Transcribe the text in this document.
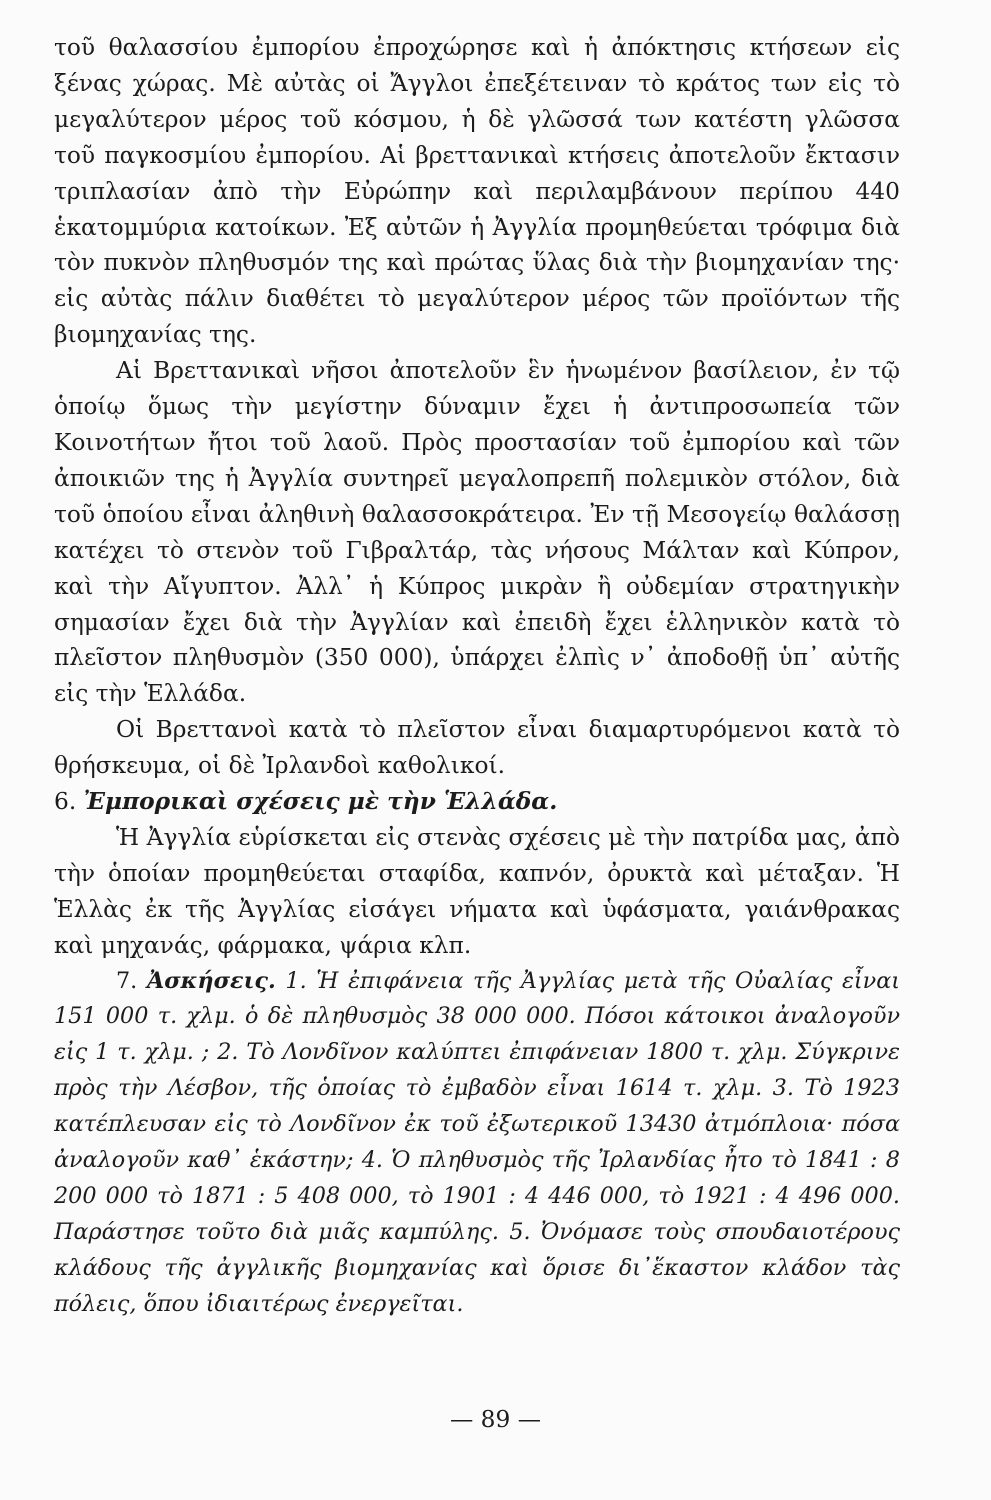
τοῦ θαλασσίου ἐμπορίου ἐπροχώρησε καὶ ἡ ἀπόκτησις κτήσεων εἰς ξένας χώρας. Μὲ αὐτὰς οἱ Ἄγγλοι ἐπεξέτειναν τὸ κράτος των εἰς τὸ μεγαλύτερον μέρος τοῦ κόσμου, ἡ δὲ γλῶσσά των κατέστη γλῶσσα τοῦ παγκοσμίου ἐμπορίου. Αἱ βρεττανικαὶ κτήσεις ἀποτελοῦν ἔκτασιν τριπλασίαν ἀπὸ τὴν Εὐρώπην καὶ περιλαμβάνουν περίπου 440 ἑκατομμύρια κατοίκων. Ἐξ αὐτῶν ἡ Ἀγγλία προμηθεύεται τρόφιμα διὰ τὸν πυκνὸν πληθυσμόν της καὶ πρώτας ὕλας διὰ τὴν βιομηχανίαν της· εἰς αὐτὰς πάλιν διαθέτει τὸ μεγαλύτερον μέρος τῶν προϊόντων τῆς βιομηχανίας της.

Αἱ Βρεττανικαὶ νῆσοι ἀποτελοῦν ἓν ἡνωμένον βασίλειον, ἐν τῷ ὁποίῳ ὅμως τὴν μεγίστην δύναμιν ἔχει ἡ ἀντιπροσωπεία τῶν Κοινοτήτων ἤτοι τοῦ λαοῦ. Πρὸς προστασίαν τοῦ ἐμπορίου καὶ τῶν ἀποικιῶν της ἡ Ἀγγλία συντηρεῖ μεγαλοπρεπῆ πολεμικὸν στόλον, διὰ τοῦ ὁποίου εἶναι ἀληθινὴ θαλασσοκράτειρα. Ἐν τῇ Μεσογείῳ θαλάσσῃ κατέχει τὸ στενὸν τοῦ Γιβραλτάρ, τὰς νήσους Μάλταν καὶ Κύπρον, καὶ τὴν Αἴγυπτον. Ἀλλ᾽ ἡ Κύπρος μικρὰν ἢ οὐδεμίαν στρατηγικὴν σημασίαν ἔχει διὰ τὴν Ἀγγλίαν καὶ ἐπειδὴ ἔχει ἑλληνικὸν κατὰ τὸ πλεῖστον πληθυσμὸν (350 000), ὑπάρχει ἐλπὶς ν᾽ ἀποδοθῇ ὑπ᾽ αὐτῆς εἰς τὴν Ἑλλάδα.

Οἱ Βρεττανοὶ κατὰ τὸ πλεῖστον εἶναι διαμαρτυρόμενοι κατὰ τὸ θρήσκευμα, οἱ δὲ Ἰρλανδοὶ καθολικοί.

6. Ἐμπορικαὶ σχέσεις μὲ τὴν Ἑλλάδα.

Ἡ Ἀγγλία εὑρίσκεται εἰς στενὰς σχέσεις μὲ τὴν πατρίδα μας, ἀπὸ τὴν ὁποίαν προμηθεύεται σταφίδα, καπνόν, ὀρυκτὰ καὶ μέταξαν. Ἡ Ἑλλὰς ἐκ τῆς Ἀγγλίας εἰσάγει νήματα καὶ ὑφάσματα, γαιάνθρακας καὶ μηχανάς, φάρμακα, ψάρια κλπ.

7. Ἀσκήσεις. 1. Ἡ ἐπιφάνεια τῆς Ἀγγλίας μετὰ τῆς Οὐαλίας εἶναι 151 000 τ. χλμ. ὁ δὲ πληθυσμὸς 38 000 000. Πόσοι κάτοικοι ἀναλογοῦν εἰς 1 τ. χλμ. ; 2. Τὸ Λονδῖνον καλύπτει ἐπιφάνειαν 1800 τ. χλμ. Σύγκρινε πρὸς τὴν Λέσβον, τῆς ὁποίας τὸ ἐμβαδὸν εἶναι 1614 τ. χλμ. 3. Τὸ 1923 κατέπλευσαν εἰς τὸ Λονδῖνον ἐκ τοῦ ἐξωτερικοῦ 13430 ἀτμόπλοια· πόσα ἀναλογοῦν καθ᾽ ἑκάστην; 4. Ὁ πληθυσμὸς τῆς Ἰρλανδίας ἦτο τὸ 1841 : 8 200 000 τὸ 1871 : 5 408 000, τὸ 1901 : 4 446 000, τὸ 1921 : 4 496 000. Παράστησε τοῦτο διὰ μιᾶς καμπύλης. 5. Ὀνόμασε τοὺς σπουδαιοτέρους κλάδους τῆς ἀγγλικῆς βιομηχανίας καὶ ὅρισε δι᾽ἕκαστον κλάδον τὰς πόλεις, ὅπου ἰδιαιτέρως ἐνεργεῖται.

— 89 —
